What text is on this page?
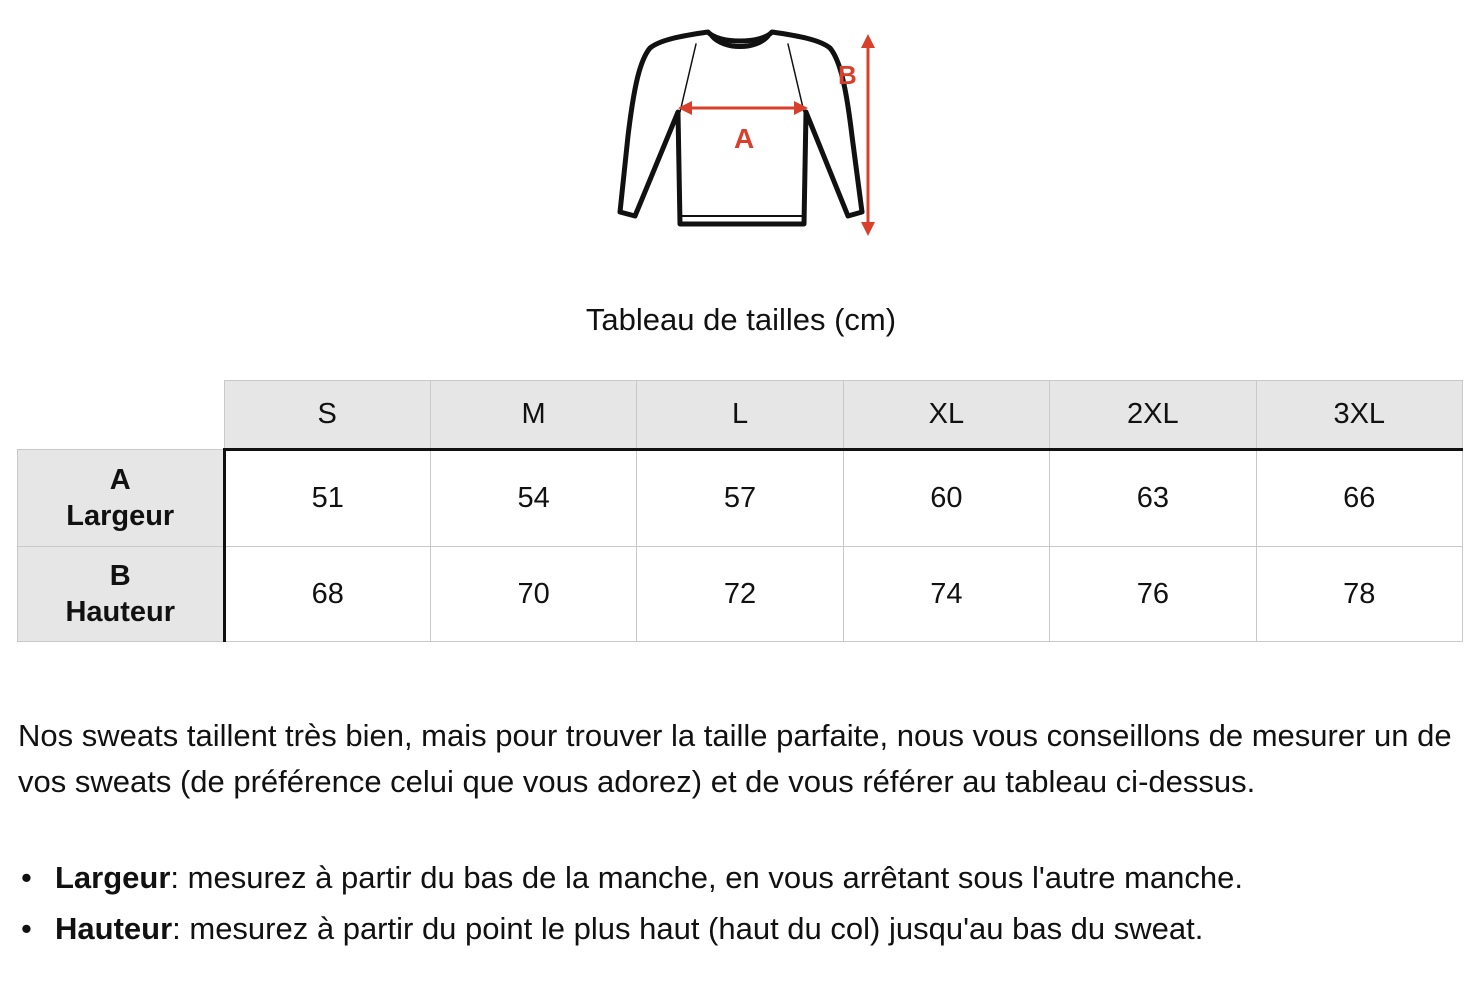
A
B
Tableau de tailles (cm)
	S	M	L	XL	2XL	3XL

A
Largeur	51	54	57	60	63	66

B
Hauteur	68	70	72	74	76	78

Nos sweats taillent très bien, mais pour trouver la taille parfaite, nous vous conseillons de mesurer un de vos sweats (de préférence celui que vous adorez) et de vous référer au tableau ci-dessus.

• Largeur: mesurez à partir du bas de la manche, en vous arrêtant sous l'autre manche.
• Hauteur: mesurez à partir du point le plus haut (haut du col) jusqu'au bas du sweat.
